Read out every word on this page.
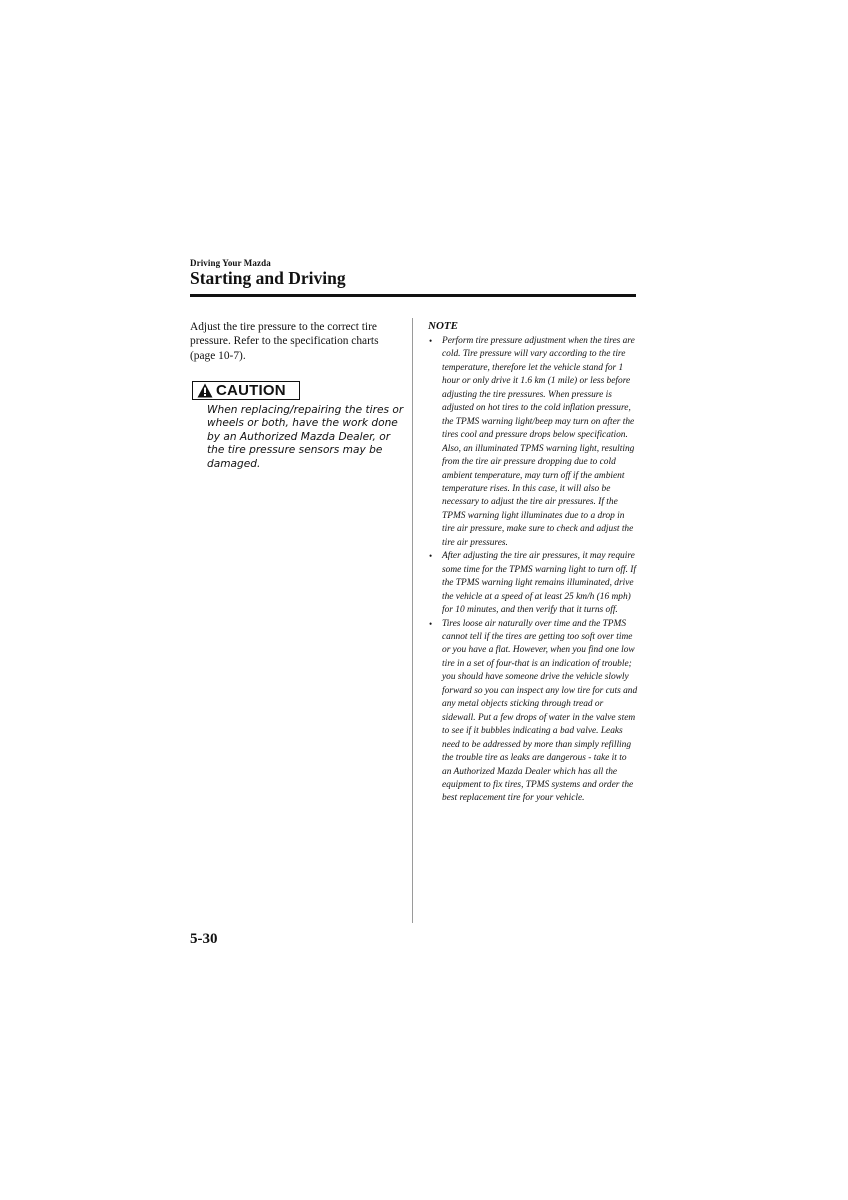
Driving Your Mazda
Starting and Driving

Adjust the tire pressure to the correct tire pressure. Refer to the specification charts (page 10-7).

CAUTION

When replacing/repairing the tires or wheels or both, have the work done by an Authorized Mazda Dealer, or the tire pressure sensors may be damaged.

NOTE
• Perform tire pressure adjustment when the tires are cold. Tire pressure will vary according to the tire temperature, therefore let the vehicle stand for 1 hour or only drive it 1.6 km (1 mile) or less before adjusting the tire pressures. When pressure is adjusted on hot tires to the cold inflation pressure, the TPMS warning light/beep may turn on after the tires cool and pressure drops below specification.

Also, an illuminated TPMS warning light, resulting from the tire air pressure dropping due to cold ambient temperature, may turn off if the ambient temperature rises. In this case, it will also be necessary to adjust the tire air pressures. If the TPMS warning light illuminates due to a drop in tire air pressure, make sure to check and adjust the tire air pressures.

• After adjusting the tire air pressures, it may require some time for the TPMS warning light to turn off. If the TPMS warning light remains illuminated, drive the vehicle at a speed of at least 25 km/h (16 mph) for 10 minutes, and then verify that it turns off.

• Tires loose air naturally over time and the TPMS cannot tell if the tires are getting too soft over time or you have a flat. However, when you find one low tire in a set of four-that is an indication of trouble; you should have someone drive the vehicle slowly forward so you can inspect any low tire for cuts and any metal objects sticking through tread or sidewall. Put a few drops of water in the valve stem to see if it bubbles indicating a bad valve. Leaks need to be addressed by more than simply refilling the trouble tire as leaks are dangerous - take it to an Authorized Mazda Dealer which has all the equipment to fix tires, TPMS systems and order the best replacement tire for your vehicle.

5-30
